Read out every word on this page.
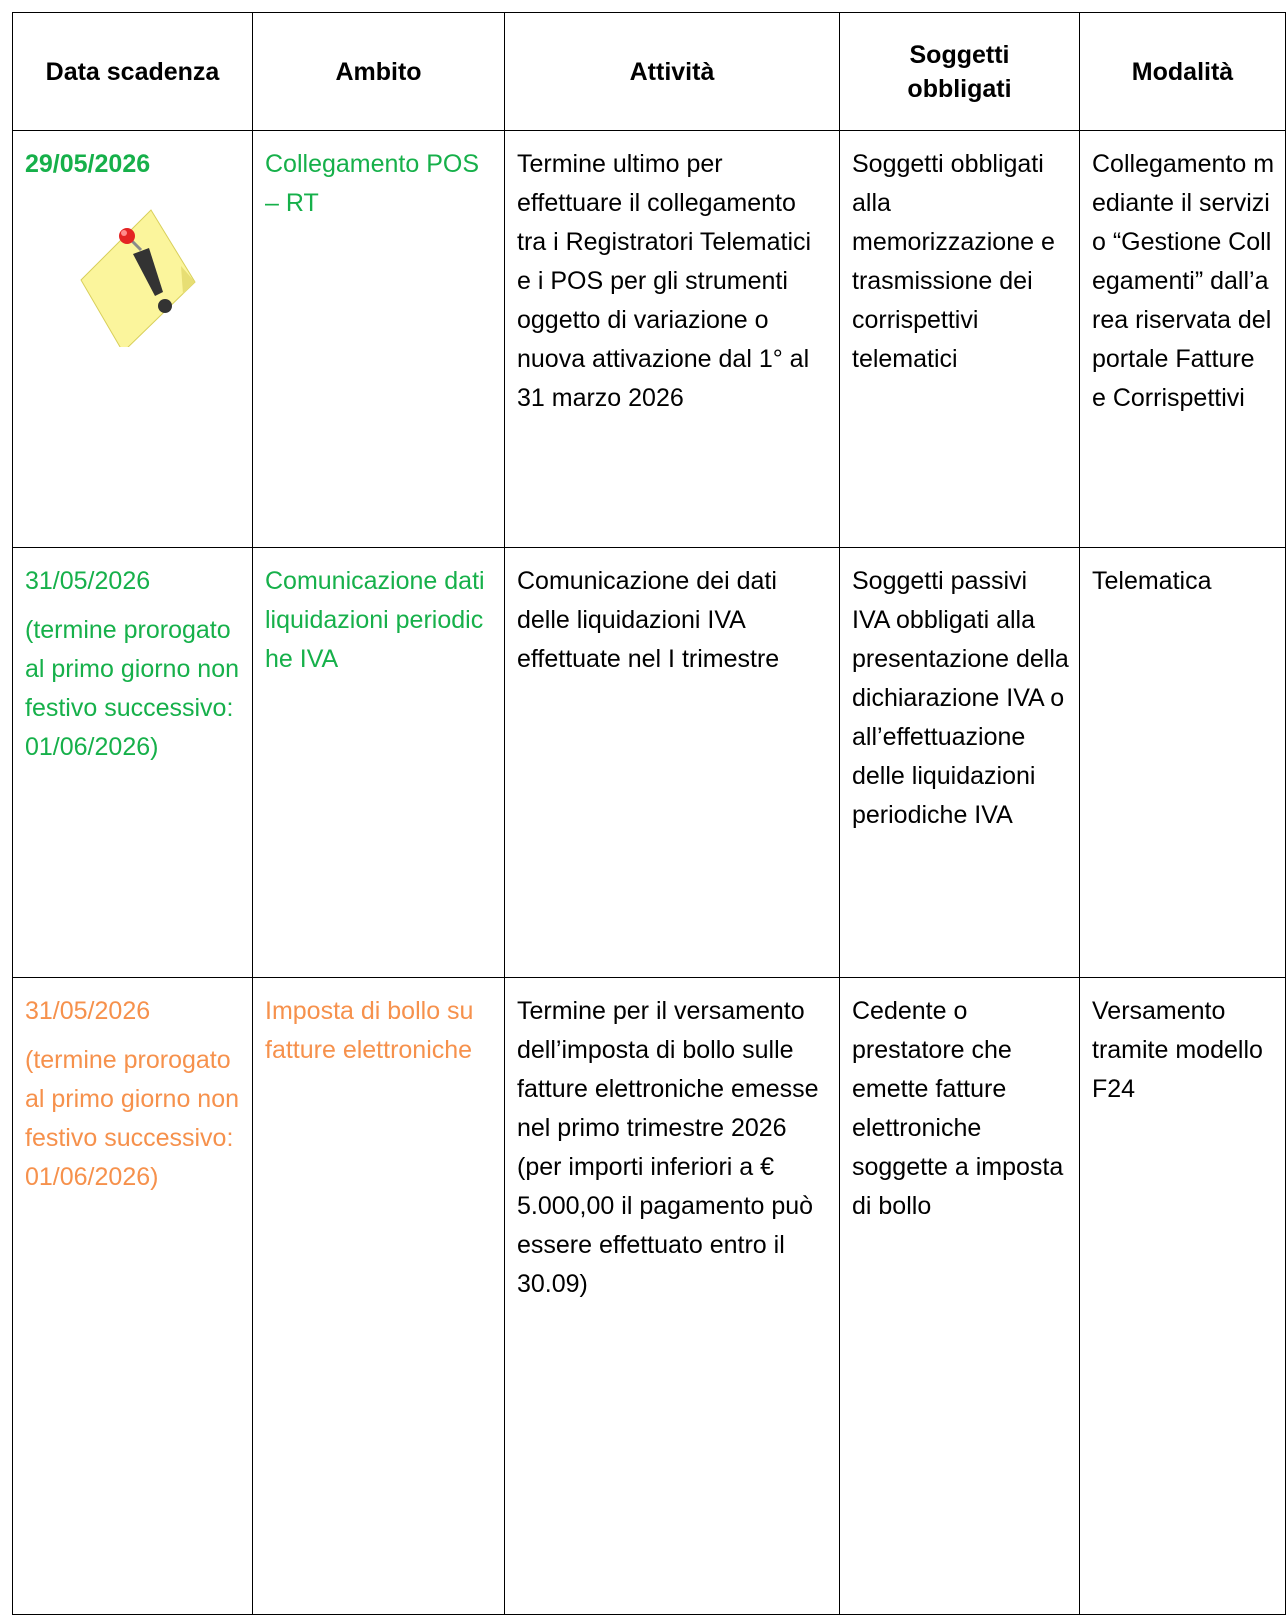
Data scadenza	Ambito	Attività	Soggetti obbligati	Modalità

29/05/2026	Collegamento POS – RT	Termine ultimo per effettuare il collegamento tra i Registratori Telematici e i POS per gli strumenti oggetto di variazione o nuova attivazione dal 1° al 31 marzo 2026	Soggetti obbligati alla memorizzazione e trasmissione dei corrispettivi telematici	Collegamento mediante il servizio “Gestione Collegamenti” dall’area riservata del portale Fatture e Corrispettivi

31/05/2026
(termine prorogato al primo giorno non festivo successivo: 01/06/2026)	Comunicazione dati liquidazioni periodiche IVA	Comunicazione dei dati delle liquidazioni IVA effettuate nel I trimestre	Soggetti passivi IVA obbligati alla presentazione della dichiarazione IVA o all’effettuazione delle liquidazioni periodiche IVA	Telematica

31/05/2026
(termine prorogato al primo giorno non festivo successivo: 01/06/2026)	Imposta di bollo su fatture elettroniche	Termine per il versamento dell’imposta di bollo sulle fatture elettroniche emesse nel primo trimestre 2026 (per importi inferiori a € 5.000,00 il pagamento può essere effettuato entro il 30.09)	Cedente o prestatore che emette fatture elettroniche soggette a imposta di bollo	Versamento tramite modello F24
